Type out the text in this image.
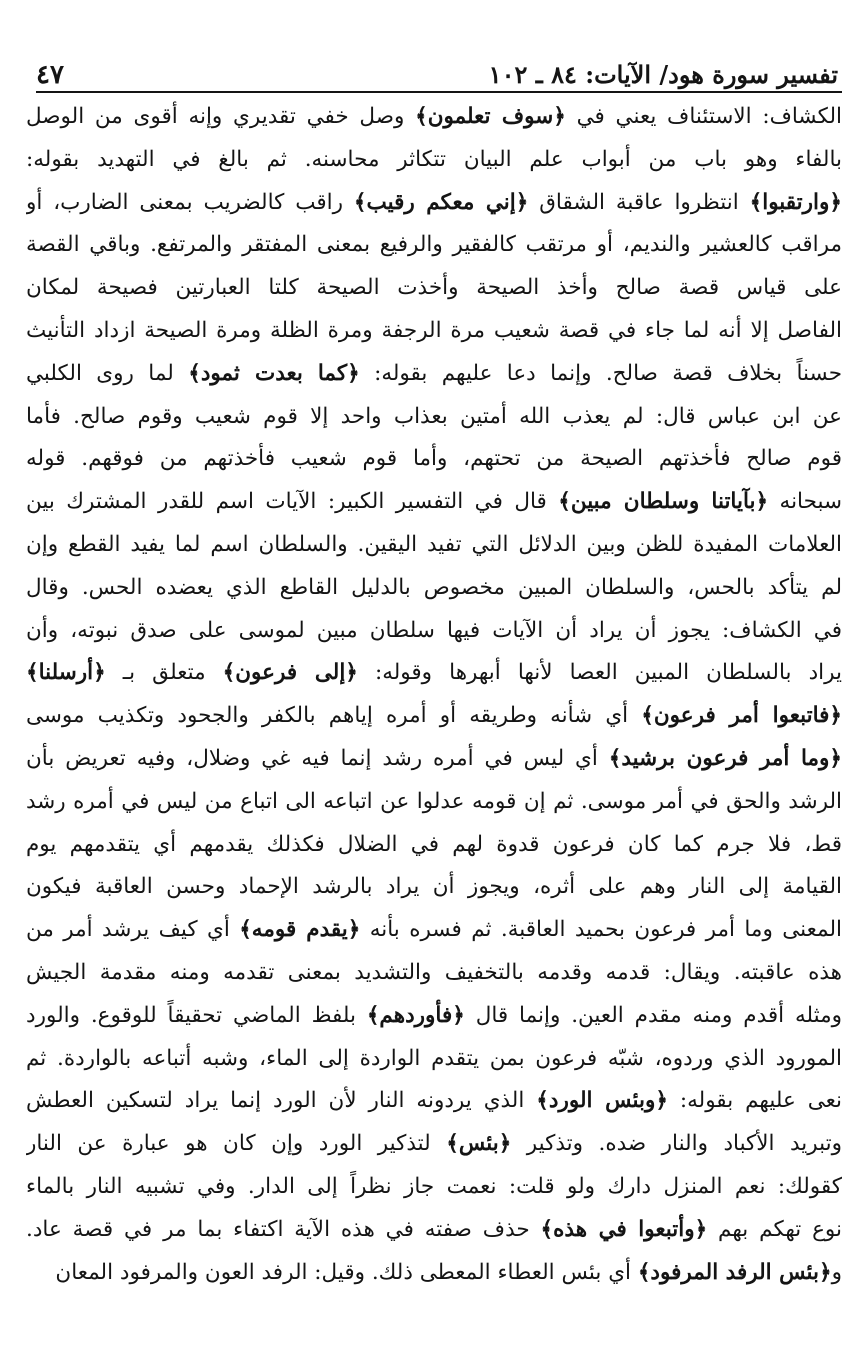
تفسير سورة هود/ الآيات: ٨٤ ـ ١٠٢
٤٧
الكشاف: الاستئناف يعني في ﴿سوف تعلمون﴾ وصل خفي تقديري وإنه أقوى من الوصل
بالفاء وهو باب من أبواب علم البيان تتكاثر محاسنه. ثم بالغ في التهديد بقوله:
﴿وارتقبوا﴾ انتظروا عاقبة الشقاق ﴿إني معكم رقيب﴾ راقب كالضريب بمعنى الضارب، أو
مراقب كالعشير والنديم، أو مرتقب كالفقير والرفيع بمعنى المفتقر والمرتفع. وباقي القصة
على قياس قصة صالح وأخذ الصيحة وأخذت الصيحة كلتا العبارتين فصيحة لمكان
الفاصل إلا أنه لما جاء في قصة شعيب مرة الرجفة ومرة الظلة ومرة الصيحة ازداد التأنيث
حسناً بخلاف قصة صالح. وإنما دعا عليهم بقوله: ﴿كما بعدت ثمود﴾ لما روى الكلبي
عن ابن عباس قال: لم يعذب الله أمتين بعذاب واحد إلا قوم شعيب وقوم صالح. فأما
قوم صالح فأخذتهم الصيحة من تحتهم، وأما قوم شعيب فأخذتهم من فوقهم. قوله
سبحانه ﴿بآياتنا وسلطان مبين﴾ قال في التفسير الكبير: الآيات اسم للقدر المشترك بين
العلامات المفيدة للظن وبين الدلائل التي تفيد اليقين. والسلطان اسم لما يفيد القطع وإن
لم يتأكد بالحس، والسلطان المبين مخصوص بالدليل القاطع الذي يعضده الحس. وقال
في الكشاف: يجوز أن يراد أن الآيات فيها سلطان مبين لموسى على صدق نبوته، وأن
يراد بالسلطان المبين العصا لأنها أبهرها وقوله: ﴿إلى فرعون﴾ متعلق بـ ﴿أرسلنا﴾
﴿فاتبعوا أمر فرعون﴾ أي شأنه وطريقه أو أمره إياهم بالكفر والجحود وتكذيب موسى
﴿وما أمر فرعون برشيد﴾ أي ليس في أمره رشد إنما فيه غي وضلال، وفيه تعريض بأن
الرشد والحق في أمر موسى. ثم إن قومه عدلوا عن اتباعه الى اتباع من ليس في أمره رشد
قط، فلا جرم كما كان فرعون قدوة لهم في الضلال فكذلك يقدمهم أي يتقدمهم يوم
القيامة إلى النار وهم على أثره، ويجوز أن يراد بالرشد الإحماد وحسن العاقبة فيكون
المعنى وما أمر فرعون بحميد العاقبة. ثم فسره بأنه ﴿يقدم قومه﴾ أي كيف يرشد أمر من
هذه عاقبته. ويقال: قدمه وقدمه بالتخفيف والتشديد بمعنى تقدمه ومنه مقدمة الجيش
ومثله أقدم ومنه مقدم العين. وإنما قال ﴿فأوردهم﴾ بلفظ الماضي تحقيقاً للوقوع. والورد
المورود الذي وردوه، شبّه فرعون بمن يتقدم الواردة إلى الماء، وشبه أتباعه بالواردة. ثم
نعى عليهم بقوله: ﴿وبئس الورد﴾ الذي يردونه النار لأن الورد إنما يراد لتسكين العطش
وتبريد الأكباد والنار ضده. وتذكير ﴿بئس﴾ لتذكير الورد وإن كان هو عبارة عن النار
كقولك: نعم المنزل دارك ولو قلت: نعمت جاز نظراً إلى الدار. وفي تشبيه النار بالماء
نوع تهكم بهم ﴿وأتبعوا في هذه﴾ حذف صفته في هذه الآية اكتفاء بما مر في قصة عاد.
و﴿بئس الرفد المرفود﴾ أي بئس العطاء المعطى ذلك. وقيل: الرفد العون والمرفود المعان
